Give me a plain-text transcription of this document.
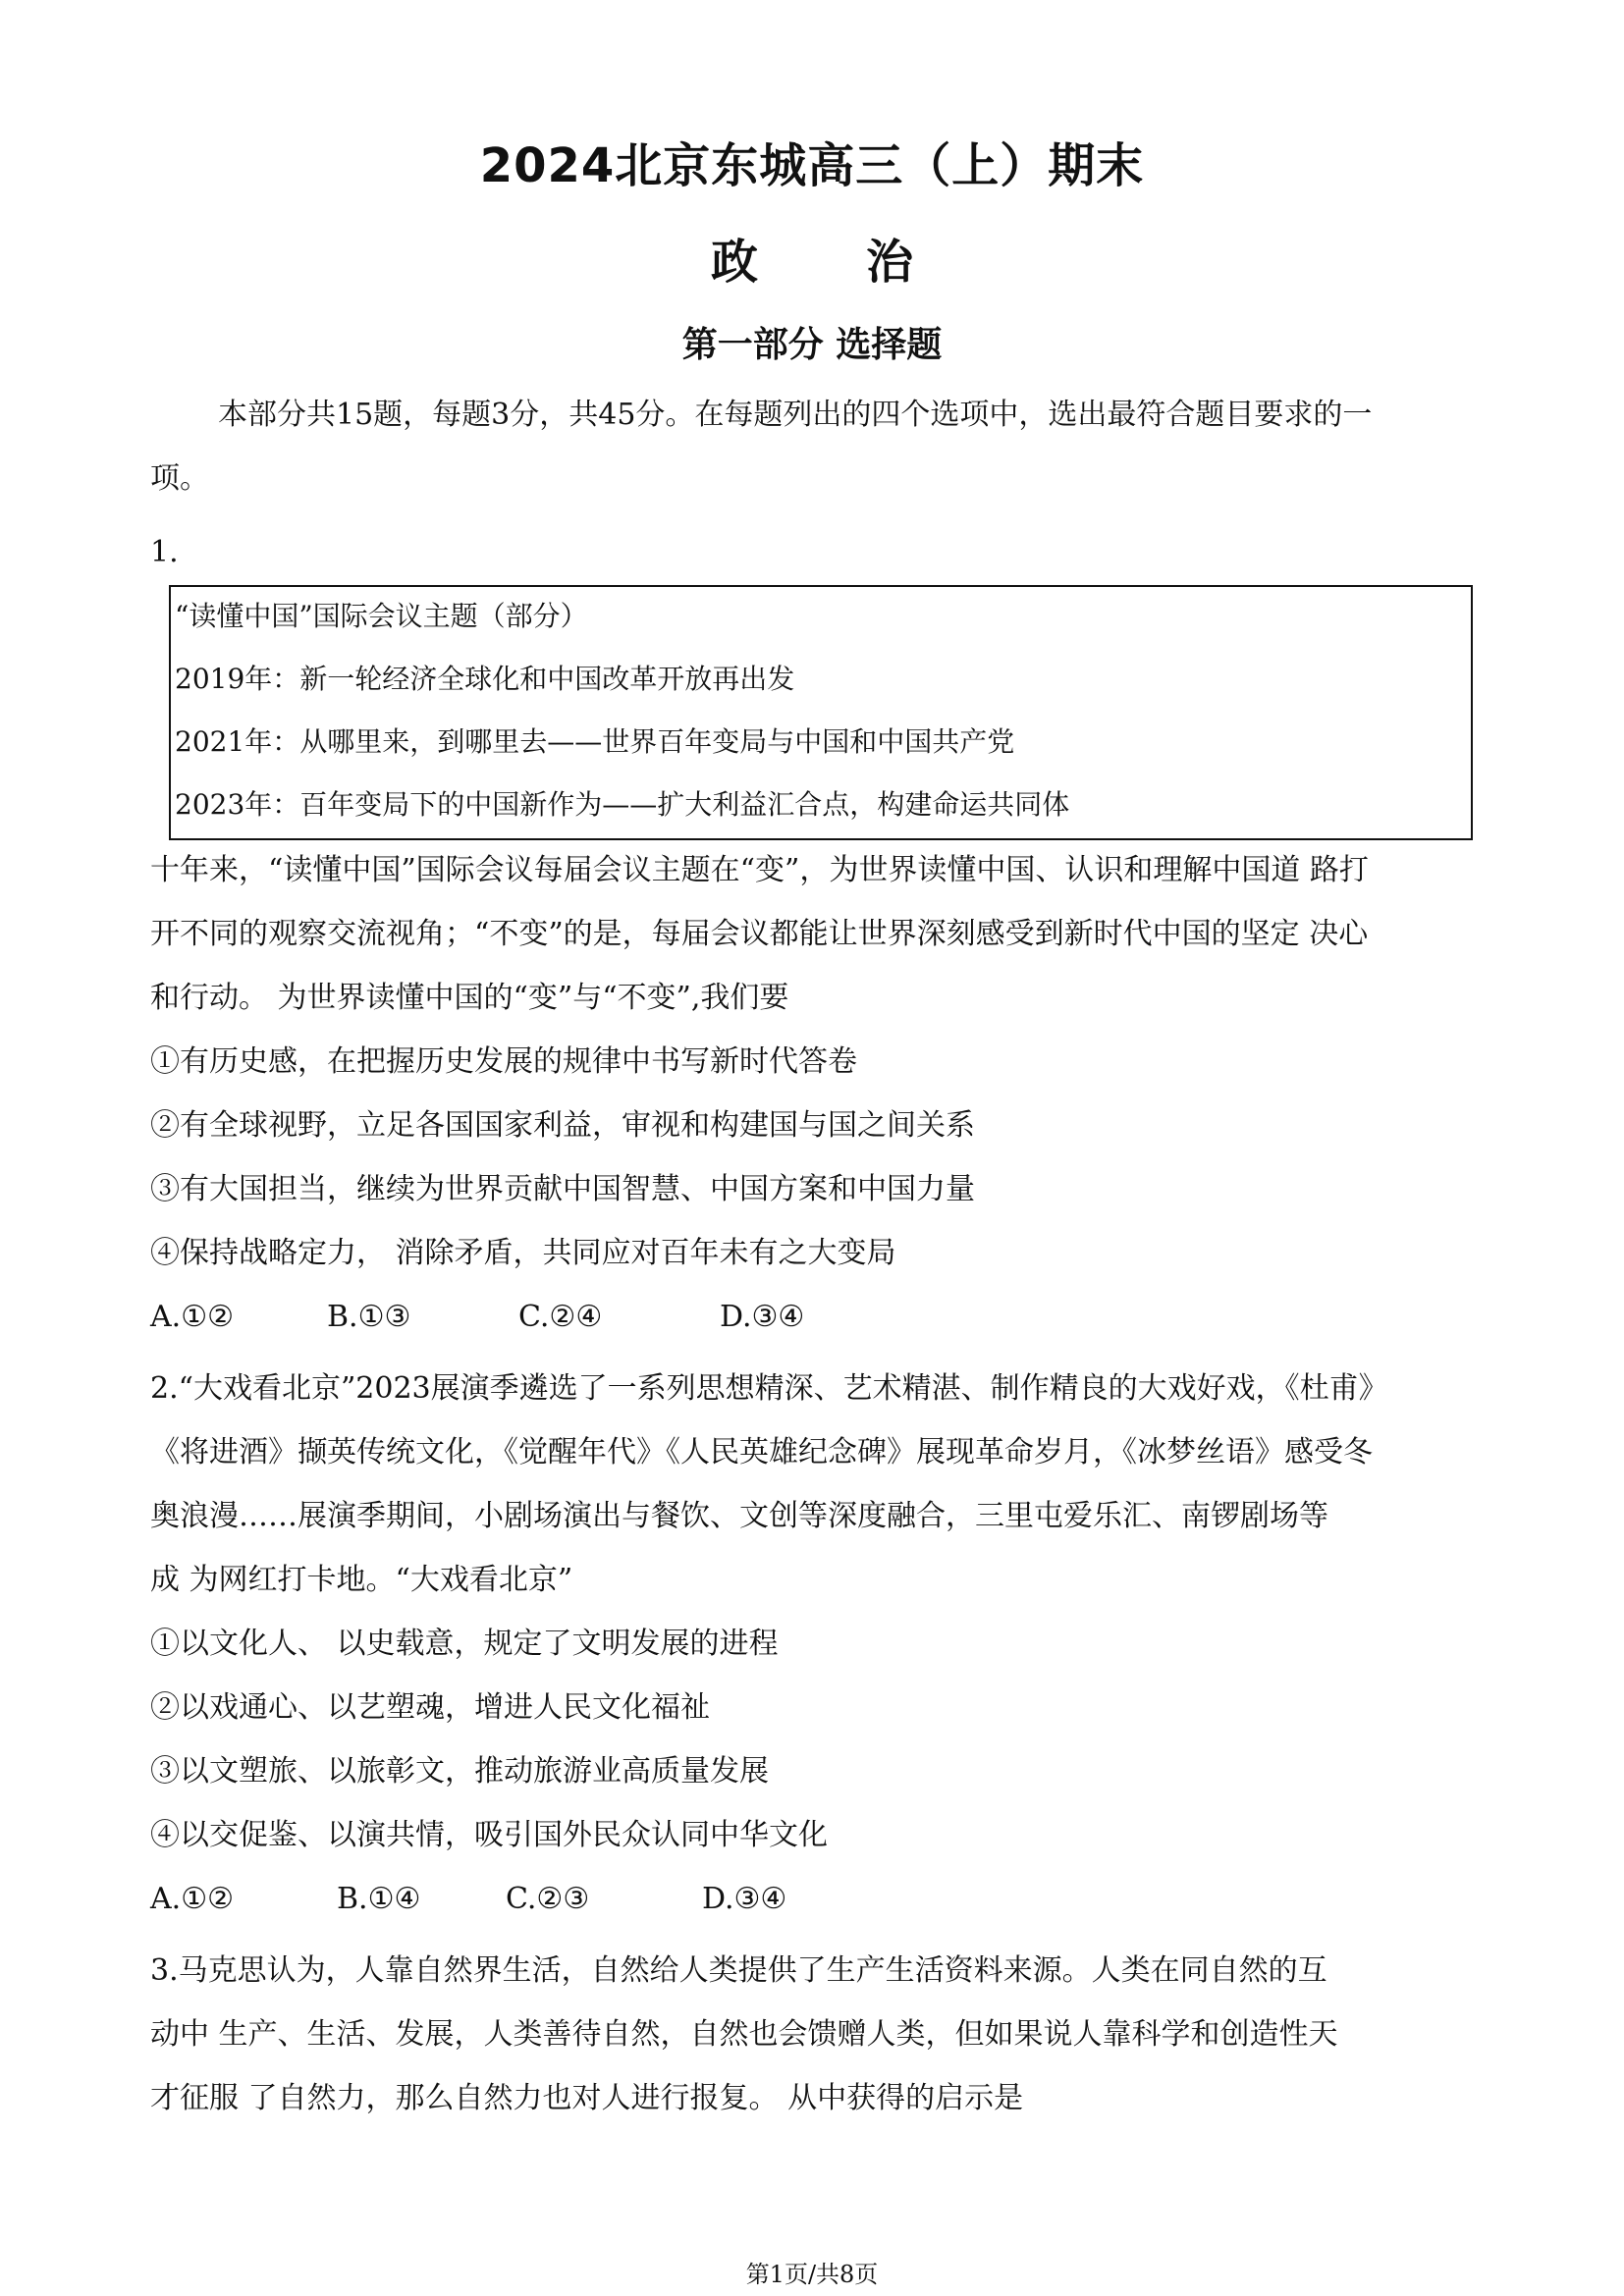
2024北京东城高三（上）期末
政治
第一部分 选择题
本部分共15题，每题3分，共45分。在每题列出的四个选项中，选出最符合题目要求的一
项。
1.
“读懂中国”国际会议主题（部分）
2019年：新一轮经济全球化和中国改革开放再出发
2021年：从哪里来，到哪里去——世界百年变局与中国和中国共产党
2023年：百年变局下的中国新作为——扩大利益汇合点，构建命运共同体
十年来，“读懂中国”国际会议每届会议主题在“变”，为世界读懂中国、认识和理解中国道 路打
开不同的观察交流视角；“不变”的是，每届会议都能让世界深刻感受到新时代中国的坚定 决心
和行动。 为世界读懂中国的“变”与“不变”,我们要
①有历史感，在把握历史发展的规律中书写新时代答卷
②有全球视野，立足各国国家利益，审视和构建国与国之间关系
③有大国担当，继续为世界贡献中国智慧、中国方案和中国力量
④保持战略定力， 消除矛盾，共同应对百年未有之大变局
A.①②	B.①③	C.②④	D.③④
2.“大戏看北京”2023展演季遴选了一系列思想精深、艺术精湛、制作精良的大戏好戏，《杜甫》
《将进酒》撷英传统文化，《觉醒年代》《人民英雄纪念碑》展现革命岁月，《冰梦丝语》感受冬
奥浪漫……展演季期间，小剧场演出与餐饮、文创等深度融合，三里屯爱乐汇、南锣剧场等
成 为网红打卡地。“大戏看北京”
①以文化人、 以史载意，规定了文明发展的进程
②以戏通心、以艺塑魂，增进人民文化福祉
③以文塑旅、以旅彰文，推动旅游业高质量发展
④以交促鉴、以演共情，吸引国外民众认同中华文化
A.①②	B.①④	C.②③	D.③④
3.马克思认为，人靠自然界生活，自然给人类提供了生产生活资料来源。人类在同自然的互
动中 生产、生活、发展，人类善待自然，自然也会馈赠人类，但如果说人靠科学和创造性天
才征服 了自然力，那么自然力也对人进行报复。 从中获得的启示是
第1页/共8页
